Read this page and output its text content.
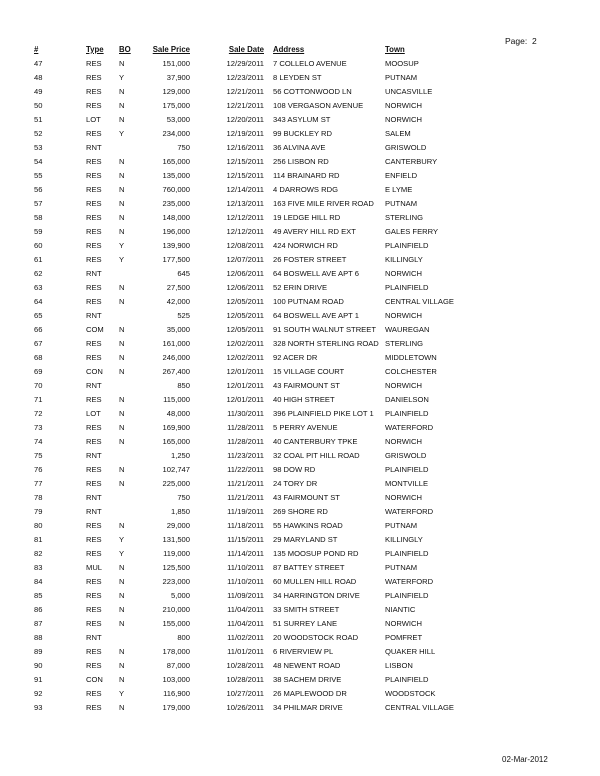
Page: 2
#	Type	BO	Sale Price	Sale Date		Address	Town
47	RES	N	151,000	12/29/2011		7 COLLELO AVENUE	MOOSUP
48	RES	Y	37,900	12/23/2011		8 LEYDEN ST	PUTNAM
49	RES	N	129,000	12/21/2011		56 COTTONWOOD LN	UNCASVILLE
50	RES	N	175,000	12/21/2011		108 VERGASON AVENUE	NORWICH
51	LOT	N	53,000	12/20/2011		343 ASYLUM ST	NORWICH
52	RES	Y	234,000	12/19/2011		99 BUCKLEY RD	SALEM
53	RNT		750	12/16/2011		36 ALVINA AVE	GRISWOLD
54	RES	N	165,000	12/15/2011		256 LISBON RD	CANTERBURY
55	RES	N	135,000	12/15/2011		114 BRAINARD RD	ENFIELD
56	RES	N	760,000	12/14/2011		4 DARROWS RDG	E LYME
57	RES	N	235,000	12/13/2011		163 FIVE MILE RIVER ROAD	PUTNAM
58	RES	N	148,000	12/12/2011		19 LEDGE HILL RD	STERLING
59	RES	N	196,000	12/12/2011		49 AVERY HILL RD EXT	GALES FERRY
60	RES	Y	139,900	12/08/2011		424 NORWICH RD	PLAINFIELD
61	RES	Y	177,500	12/07/2011		26 FOSTER STREET	KILLINGLY
62	RNT		645	12/06/2011		64 BOSWELL AVE APT 6	NORWICH
63	RES	N	27,500	12/06/2011		52 ERIN DRIVE	PLAINFIELD
64	RES	N	42,000	12/05/2011		100 PUTNAM ROAD	CENTRAL VILLAGE
65	RNT		525	12/05/2011		64 BOSWELL AVE APT 1	NORWICH
66	COM	N	35,000	12/05/2011		91 SOUTH WALNUT STREET	WAUREGAN
67	RES	N	161,000	12/02/2011		328 NORTH STERLING ROAD	STERLING
68	RES	N	246,000	12/02/2011		92 ACER DR	MIDDLETOWN
69	CON	N	267,400	12/01/2011		15 VILLAGE COURT	COLCHESTER
70	RNT		850	12/01/2011		43 FAIRMOUNT ST	NORWICH
71	RES	N	115,000	12/01/2011		40 HIGH STREET	DANIELSON
72	LOT	N	48,000	11/30/2011		396 PLAINFIELD PIKE LOT 1	PLAINFIELD
73	RES	N	169,900	11/28/2011		5 PERRY AVENUE	WATERFORD
74	RES	N	165,000	11/28/2011		40 CANTERBURY TPKE	NORWICH
75	RNT		1,250	11/23/2011		32 COAL PIT HILL ROAD	GRISWOLD
76	RES	N	102,747	11/22/2011		98 DOW RD	PLAINFIELD
77	RES	N	225,000	11/21/2011		24 TORY DR	MONTVILLE
78	RNT		750	11/21/2011		43 FAIRMOUNT ST	NORWICH
79	RNT		1,850	11/19/2011		269 SHORE RD	WATERFORD
80	RES	N	29,000	11/18/2011		55 HAWKINS ROAD	PUTNAM
81	RES	Y	131,500	11/15/2011		29 MARYLAND ST	KILLINGLY
82	RES	Y	119,000	11/14/2011		135 MOOSUP POND RD	PLAINFIELD
83	MUL	N	125,500	11/10/2011		87 BATTEY STREET	PUTNAM
84	RES	N	223,000	11/10/2011		60 MULLEN HILL ROAD	WATERFORD
85	RES	N	5,000	11/09/2011		34 HARRINGTON DRIVE	PLAINFIELD
86	RES	N	210,000	11/04/2011		33 SMITH STREET	NIANTIC
87	RES	N	155,000	11/04/2011		51 SURREY LANE	NORWICH
88	RNT		800	11/02/2011		20 WOODSTOCK ROAD	POMFRET
89	RES	N	178,000	11/01/2011		6 RIVERVIEW PL	QUAKER HILL
90	RES	N	87,000	10/28/2011		48 NEWENT ROAD	LISBON
91	CON	N	103,000	10/28/2011		38 SACHEM DRIVE	PLAINFIELD
92	RES	Y	116,900	10/27/2011		26 MAPLEWOOD DR	WOODSTOCK
93	RES	N	179,000	10/26/2011		34 PHILMAR DRIVE	CENTRAL VILLAGE
02-Mar-2012
